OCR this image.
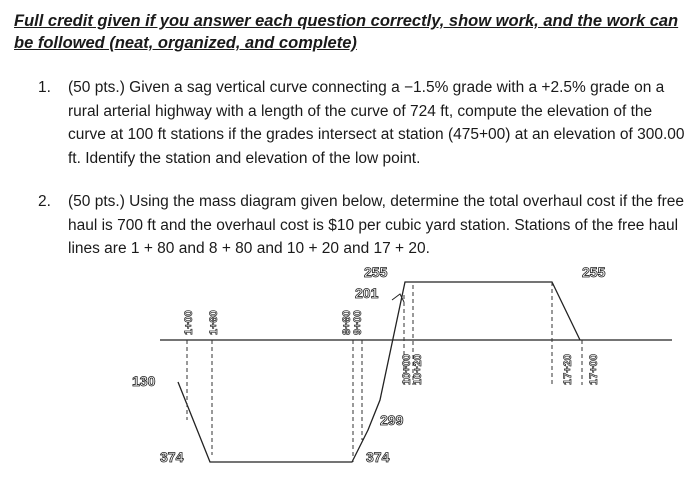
Full credit given if you answer each question correctly, show work, and the work can be followed (neat, organized, and complete)
1. (50 pts.) Given a sag vertical curve connecting a −1.5% grade with a +2.5% grade on a rural arterial highway with a length of the curve of 724 ft, compute the elevation of the curve at 100 ft stations if the grades intersect at station (475+00) at an elevation of 300.00 ft. Identify the station and elevation of the low point.
2. (50 pts.) Using the mass diagram given below, determine the total overhaul cost if the free haul is 700 ft and the overhaul cost is $10 per cubic yard station. Stations of the free haul lines are 1 + 80 and 8 + 80 and 10 + 20 and 17 + 20.
255	255
201
130
374	374
299
1+00 1+80	8+80 9+00
10+00 10+20	17+20 17+00
